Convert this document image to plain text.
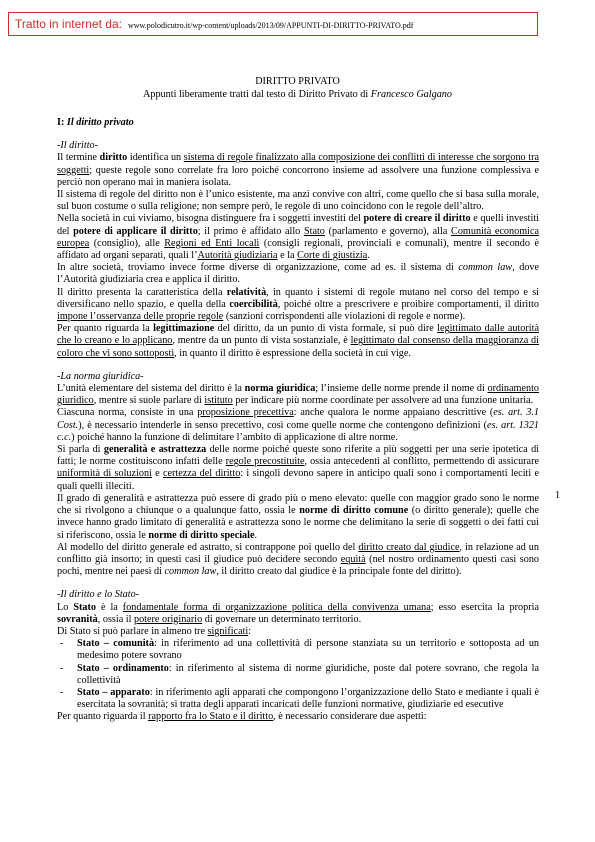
Tratto in internet da: www.polodicutro.it/wp-content/uploads/2013/09/APPUNTI-DI-DIRITTO-PRIVATO.pdf
DIRITTO PRIVATO
Appunti liberamente tratti dal testo di Diritto Privato di Francesco Galgano

I: Il diritto privato

-Il diritto-

Il termine diritto identifica un sistema di regole finalizzato alla composizione dei conflitti di interesse che sorgono tra soggetti; queste regole sono correlate fra loro poiché concorrono insieme ad assolvere una funzione complessiva e perciò non operano mai in maniera isolata.

Il sistema di regole del diritto non è l’unico esistente, ma anzi convive con altri, come quello che si basa sulla morale, sul buon costume o sulla religione; non sempre però, le regole di uno coincidono con le regole dell’altro.

Nella società in cui viviamo, bisogna distinguere fra i soggetti investiti del potere di creare il diritto e quelli investiti del potere di applicare il diritto; il primo è affidato allo Stato (parlamento e governo), alla Comunità economica europea (consiglio), alle Regioni ed Enti locali (consigli regionali, provinciali e comunali), mentre il secondo è affidato ad organi separati, quali l’Autorità giudiziaria e la Corte di giustizia.

In altre società, troviamo invece forme diverse di organizzazione, come ad es. il sistema di common law, dove l’Autorità giudiziaria crea e applica il diritto.

Il diritto presenta la caratteristica della relatività, in quanto i sistemi di regole mutano nel corso del tempo e si diversificano nello spazio, e quella della coercibilità, poiché oltre a prescrivere e proibire comportamenti, il diritto impone l’osservanza delle proprie regole (sanzioni corrispondenti alle violazioni di regole e norme).

Per quanto riguarda la legittimazione del diritto, da un punto di vista formale, si può dire legittimato dalle autorità che lo creano e lo applicano, mentre da un punto di vista sostanziale, è legittimato dal consenso della maggioranza di coloro che vi sono sottoposti, in quanto il diritto è espressione della società in cui vige.

-La norma giuridica-

L’unità elementare del sistema del diritto è la norma giuridica; l’insieme delle norme prende il nome di ordinamento giuridico, mentre si suole parlare di istituto per indicare più norme coordinate per assolvere ad una funzione unitaria.

Ciascuna norma, consiste in una proposizione precettiva: anche qualora le norme appaiano descrittive (es. art. 3.1 Cost.), è necessario intenderle in senso precettivo, così come quelle norme che contengono definizioni (es. art. 1321 c.c.) poiché hanno la funzione di delimitare l’ambito di applicazione di altre norme.

Si parla di generalità e astrattezza delle norme poiché queste sono riferite a più soggetti per una serie ipotetica di fatti; le norme costituiscono infatti delle regole precostituite, ossia antecedenti al conflitto, permettendo di assicurare uniformità di soluzioni e certezza del diritto: i singoli devono sapere in anticipo quali sono i comportamenti leciti e quali quelli illeciti.

Il grado di generalità e astrattezza può essere di grado più o meno elevato: quelle con maggior grado sono le norme che si rivolgono a chiunque o a qualunque fatto, ossia le norme di diritto comune (o diritto generale); quelle che invece hanno grado limitato di generalità e astrattezza sono le norme che delimitano la serie di soggetti o dei fatti cui si riferiscono, ossia le norme di diritto speciale.

Al modello del diritto generale ed astratto, si contrappone poi quello del diritto creato dal giudice, in relazione ad un conflitto già insorto; in questi casi il giudice può decidere secondo equità (nel nostro ordinamento questi casi sono pochi, mentre nei paesi di common law, il diritto creato dal giudice è la principale fonte del diritto).

-Il diritto e lo Stato-

Lo Stato è la fondamentale forma di organizzazione politica della convivenza umana; esso esercita la propria sovranità, ossia il potere originario di governare un determinato territorio.

Di Stato si può parlare in almeno tre significati:

- Stato – comunità: in riferimento ad una collettività di persone stanziata su un territorio e sottoposta ad un medesimo potere sovrano
- Stato – ordinamento: in riferimento al sistema di norme giuridiche, poste dal potere sovrano, che regola la collettività
- Stato – apparato: in riferimento agli apparati che compongono l’organizzazione dello Stato e mediante i quali è esercitata la sovranità; si tratta degli apparati incaricati delle funzioni normative, giudiziarie ed esecutive

Per quanto riguarda il rapporto fra lo Stato e il diritto, è necessario considerare due aspetti:

1
